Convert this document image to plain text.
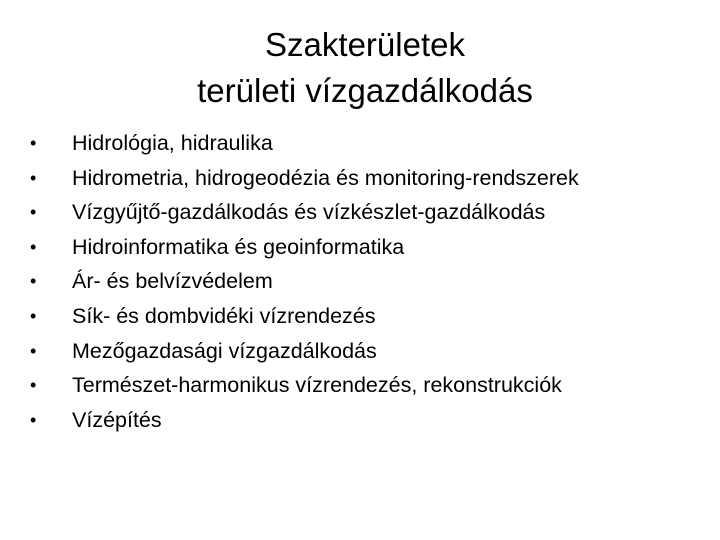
Szakterületek
területi vízgazdálkodás
•	Hidrológia, hidraulika
•	Hidrometria, hidrogeodézia és monitoring-rendszerek
•	Vízgyűjtő-gazdálkodás és vízkészlet-gazdálkodás
•	Hidroinformatika és geoinformatika
•	Ár- és belvízvédelem
•	Sík- és dombvidéki vízrendezés
•	Mezőgazdasági vízgazdálkodás
•	Természet-harmonikus vízrendezés, rekonstrukciók
•	Vízépítés
